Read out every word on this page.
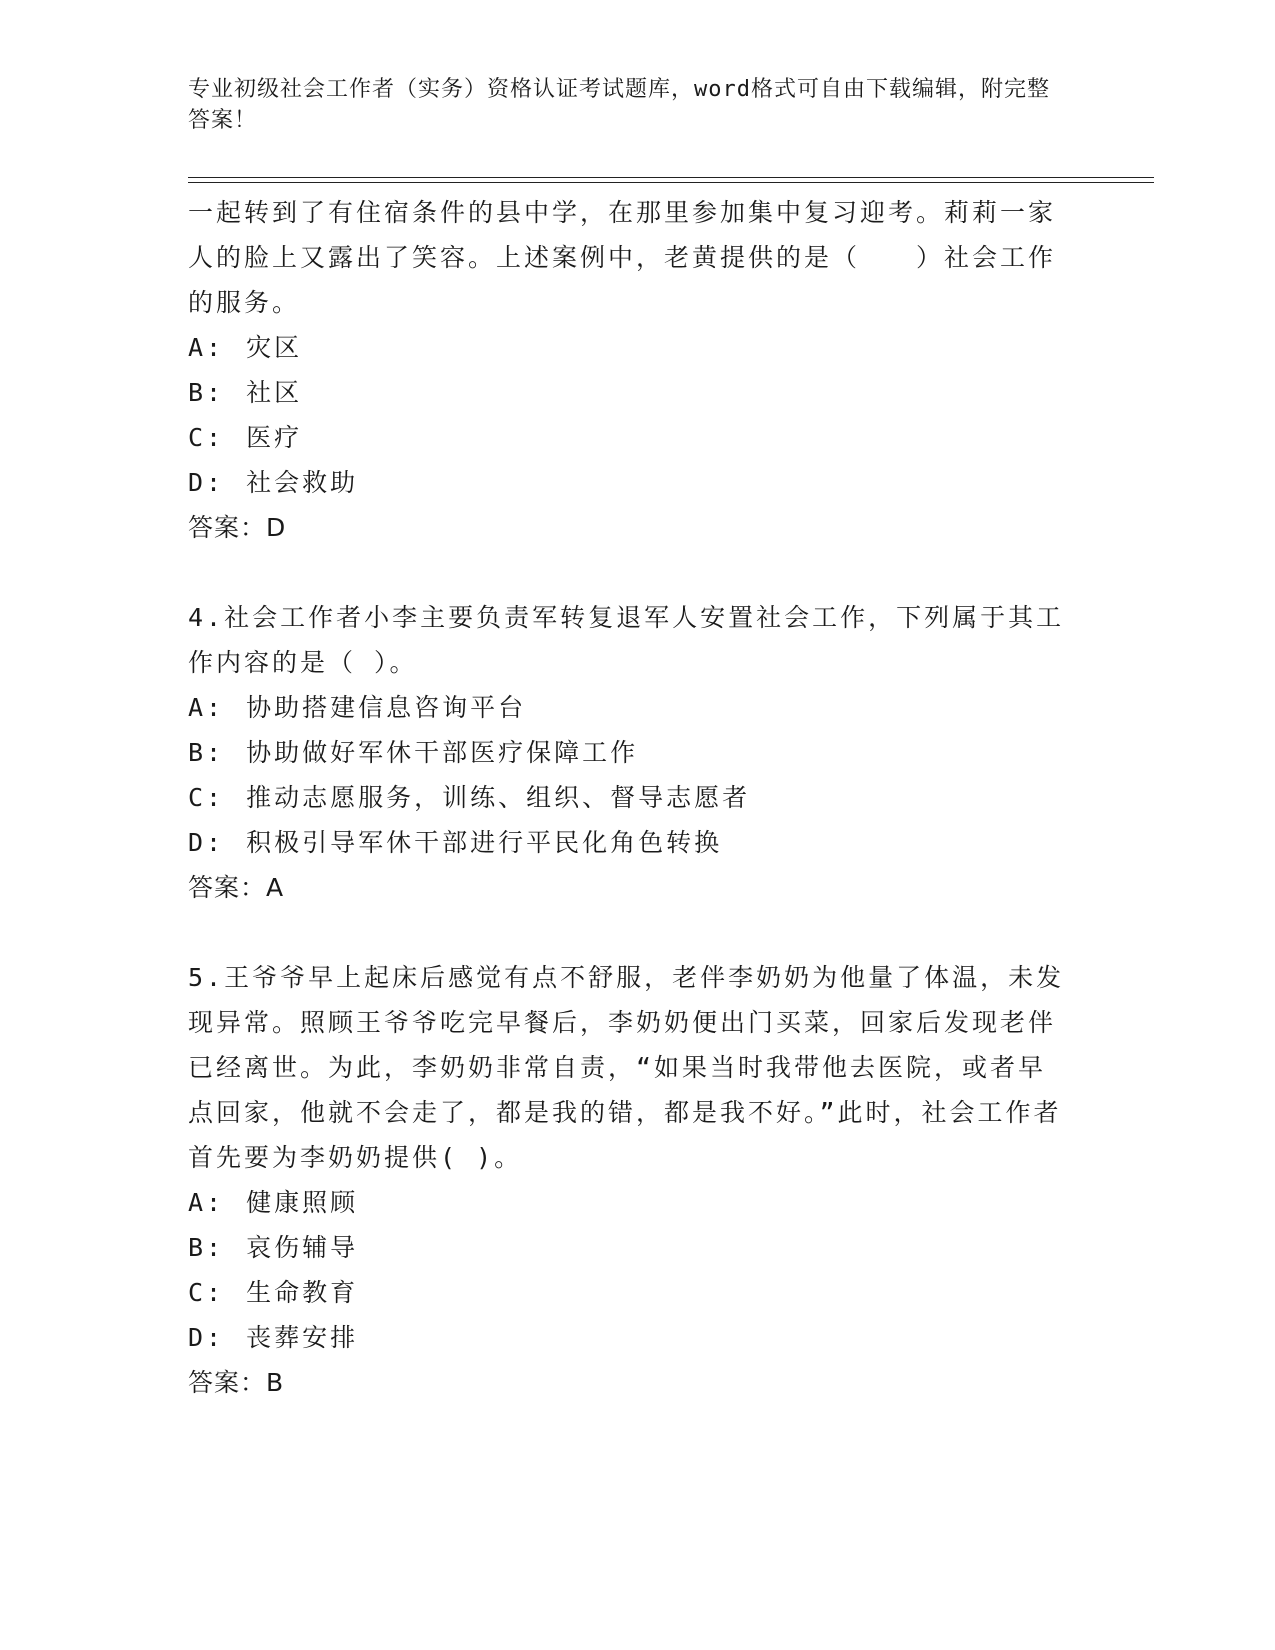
专业初级社会工作者（实务）资格认证考试题库，word格式可自由下载编辑，附完整答案！

一起转到了有住宿条件的县中学，在那里参加集中复习迎考。莉莉一家人的脸上又露出了笑容。上述案例中，老黄提供的是（　　）社会工作的服务。

A: 灾区

B: 社区

C: 医疗

D: 社会救助

答案：D

4.社会工作者小李主要负责军转复退军人安置社会工作，下列属于其工作内容的是（ ）。

A: 协助搭建信息咨询平台

B: 协助做好军休干部医疗保障工作

C: 推动志愿服务，训练、组织、督导志愿者

D: 积极引导军休干部进行平民化角色转换

答案：A

5.王爷爷早上起床后感觉有点不舒服，老伴李奶奶为他量了体温，未发现异常。照顾王爷爷吃完早餐后，李奶奶便出门买菜，回家后发现老伴已经离世。为此，李奶奶非常自责，“如果当时我带他去医院，或者早点回家，他就不会走了，都是我的错，都是我不好。”此时，社会工作者首先要为李奶奶提供( )。

A: 健康照顾

B: 哀伤辅导

C: 生命教育

D: 丧葬安排

答案：B
